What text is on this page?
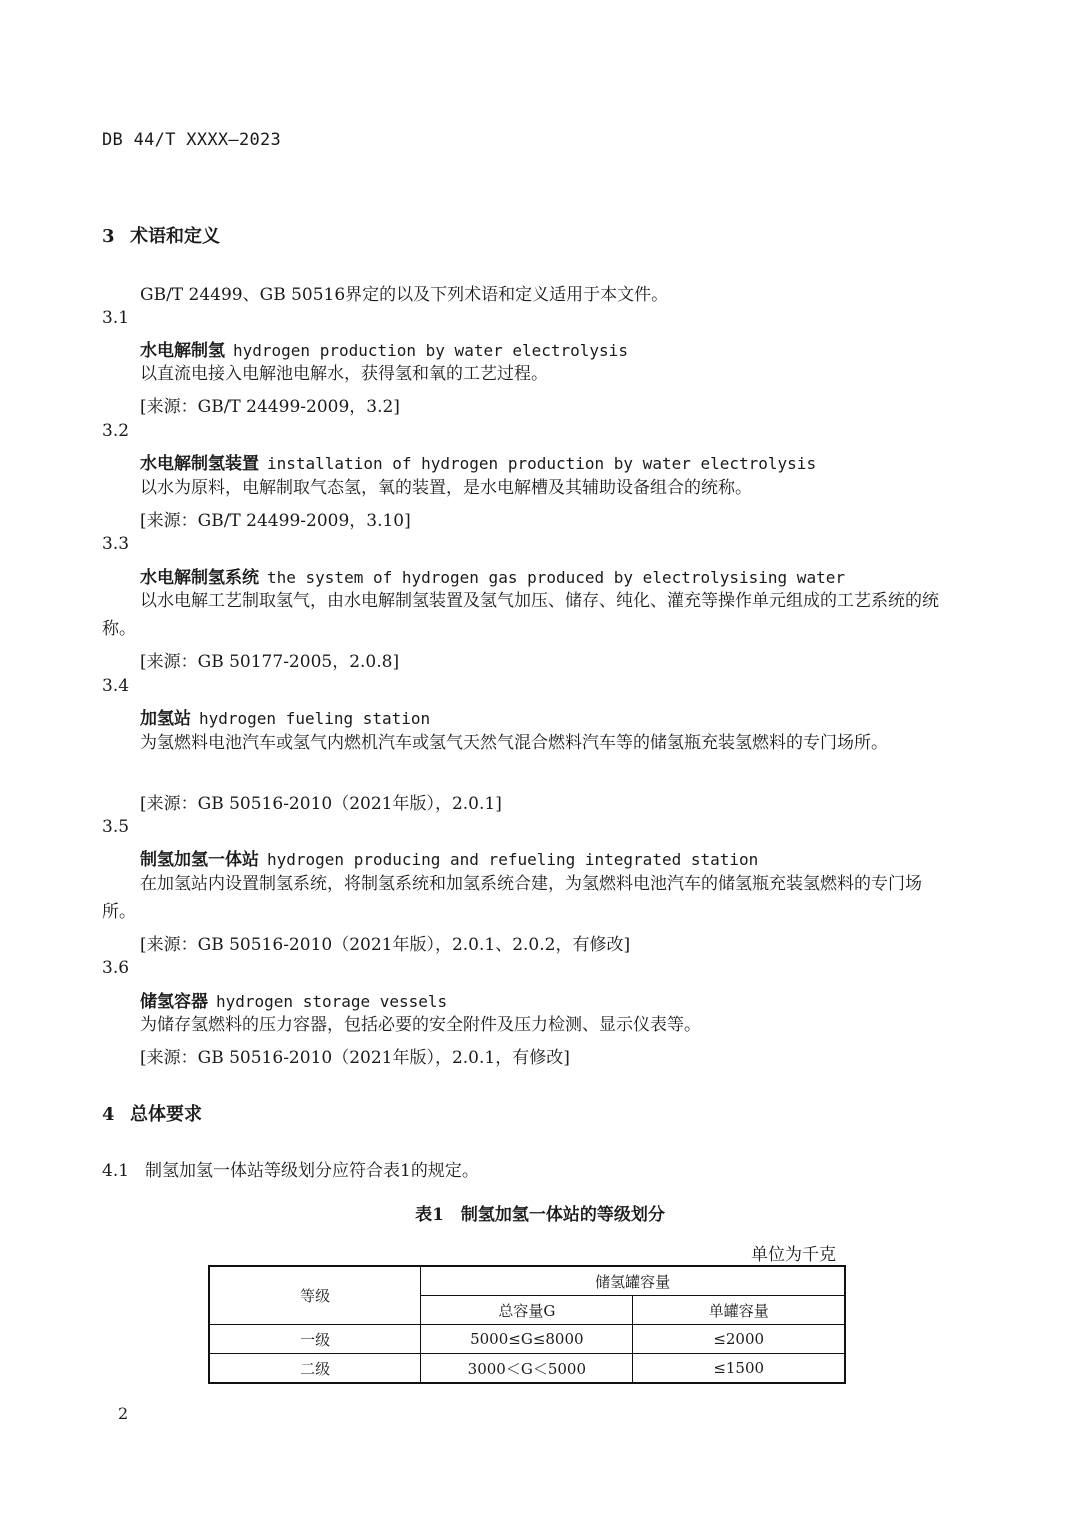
DB 44/T XXXX—2023
3 术语和定义
GB/T 24499、GB 50516界定的以及下列术语和定义适用于本文件。
3.1
水电解制氢 hydrogen production by water electrolysis
以直流电接入电解池电解水，获得氢和氧的工艺过程。
[来源：GB/T 24499-2009，3.2]
3.2
水电解制氢装置 installation of hydrogen production by water electrolysis
以水为原料，电解制取气态氢，氧的装置，是水电解槽及其辅助设备组合的统称。
[来源：GB/T 24499-2009，3.10]
3.3
水电解制氢系统 the system of hydrogen gas produced by electrolysising water
以水电解工艺制取氢气，由水电解制氢装置及氢气加压、储存、纯化、灌充等操作单元组成的工艺系统的统称。
[来源：GB 50177-2005，2.0.8]
3.4
加氢站 hydrogen fueling station
为氢燃料电池汽车或氢气内燃机汽车或氢气天然气混合燃料汽车等的储氢瓶充装氢燃料的专门场所。
[来源：GB 50516-2010（2021年版），2.0.1]
3.5
制氢加氢一体站 hydrogen producing and refueling integrated station
在加氢站内设置制氢系统，将制氢系统和加氢系统合建，为氢燃料电池汽车的储氢瓶充装氢燃料的专门场所。
[来源：GB 50516-2010（2021年版），2.0.1、2.0.2，有修改]
3.6
储氢容器 hydrogen storage vessels
为储存氢燃料的压力容器，包括必要的安全附件及压力检测、显示仪表等。
[来源：GB 50516-2010（2021年版），2.0.1，有修改]
4 总体要求
4.1 制氢加氢一体站等级划分应符合表1的规定。
表1　制氢加氢一体站的等级划分
单位为千克
等级	储氢罐容量	
	总容量G	单罐容量
一级	5000≤G≤8000	≤2000
二级	3000＜G＜5000	≤1500
2
